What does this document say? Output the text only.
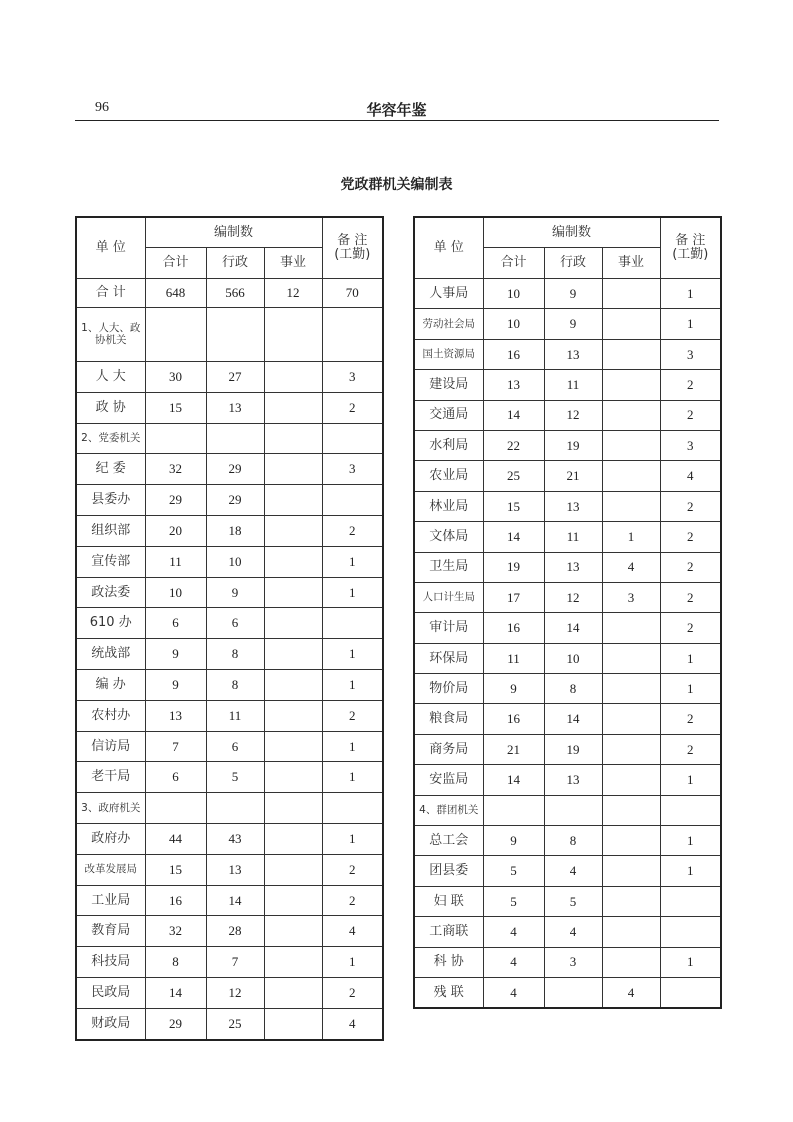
96	华容年鉴
党政群机关编制表
单 位	编制数			备 注
(工勤)
	合计	行政	事业	
合 计	648	566	12	70
1、人大、政协机关				
人 大	30	27		3
政 协	15	13		2
2、党委机关				
纪 委	32	29		3
县委办	29	29		
组织部	20	18		2
宣传部	11	10		1
政法委	10	9		1
610 办	6	6		
统战部	9	8		1
编 办	9	8		1
农村办	13	11		2
信访局	7	6		1
老干局	6	5		1
3、政府机关				
政府办	44	43		1
改革发展局	15	13		2
工业局	16	14		2
教育局	32	28		4
科技局	8	7		1
民政局	14	12		2
财政局	29	25		4
单 位	编制数			备 注
(工勤)
	合计	行政	事业	
人事局	10	9		1
劳动社会局	10	9		1
国土资源局	16	13		3
建设局	13	11		2
交通局	14	12		2
水利局	22	19		3
农业局	25	21		4
林业局	15	13		2
文体局	14	11	1	2
卫生局	19	13	4	2
人口计生局	17	12	3	2
审计局	16	14		2
环保局	11	10		1
物价局	9	8		1
粮食局	16	14		2
商务局	21	19		2
安监局	14	13		1
4、群团机关				
总工会	9	8		1
团县委	5	4		1
妇 联	5	5		
工商联	4	4		
科 协	4	3		1
残 联	4		4	
